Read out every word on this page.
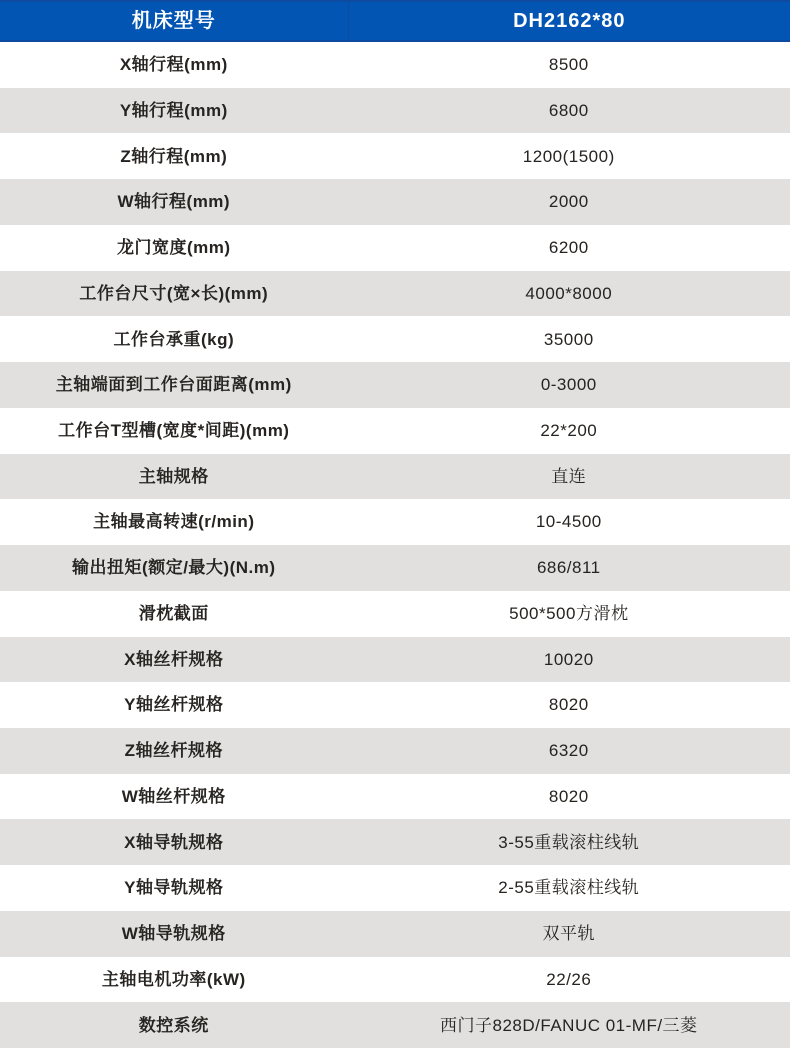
机床型号	DH2162*80
X轴行程(mm)	8500
Y轴行程(mm)	6800
Z轴行程(mm)	1200(1500)
W轴行程(mm)	2000
龙门宽度(mm)	6200
工作台尺寸(宽×长)(mm)	4000*8000
工作台承重(kg)	35000
主轴端面到工作台面距离(mm)	0-3000
工作台T型槽(宽度*间距)(mm)	22*200
主轴规格	直连
主轴最高转速(r/min)	10-4500
输出扭矩(额定/最大)(N.m)	686/811
滑枕截面	500*500方滑枕
X轴丝杆规格	10020
Y轴丝杆规格	8020
Z轴丝杆规格	6320
W轴丝杆规格	8020
X轴导轨规格	3-55重载滚柱线轨
Y轴导轨规格	2-55重载滚柱线轨
W轴导轨规格	双平轨
主轴电机功率(kW)	22/26
数控系统	西门子828D/FANUC 01-MF/三菱
